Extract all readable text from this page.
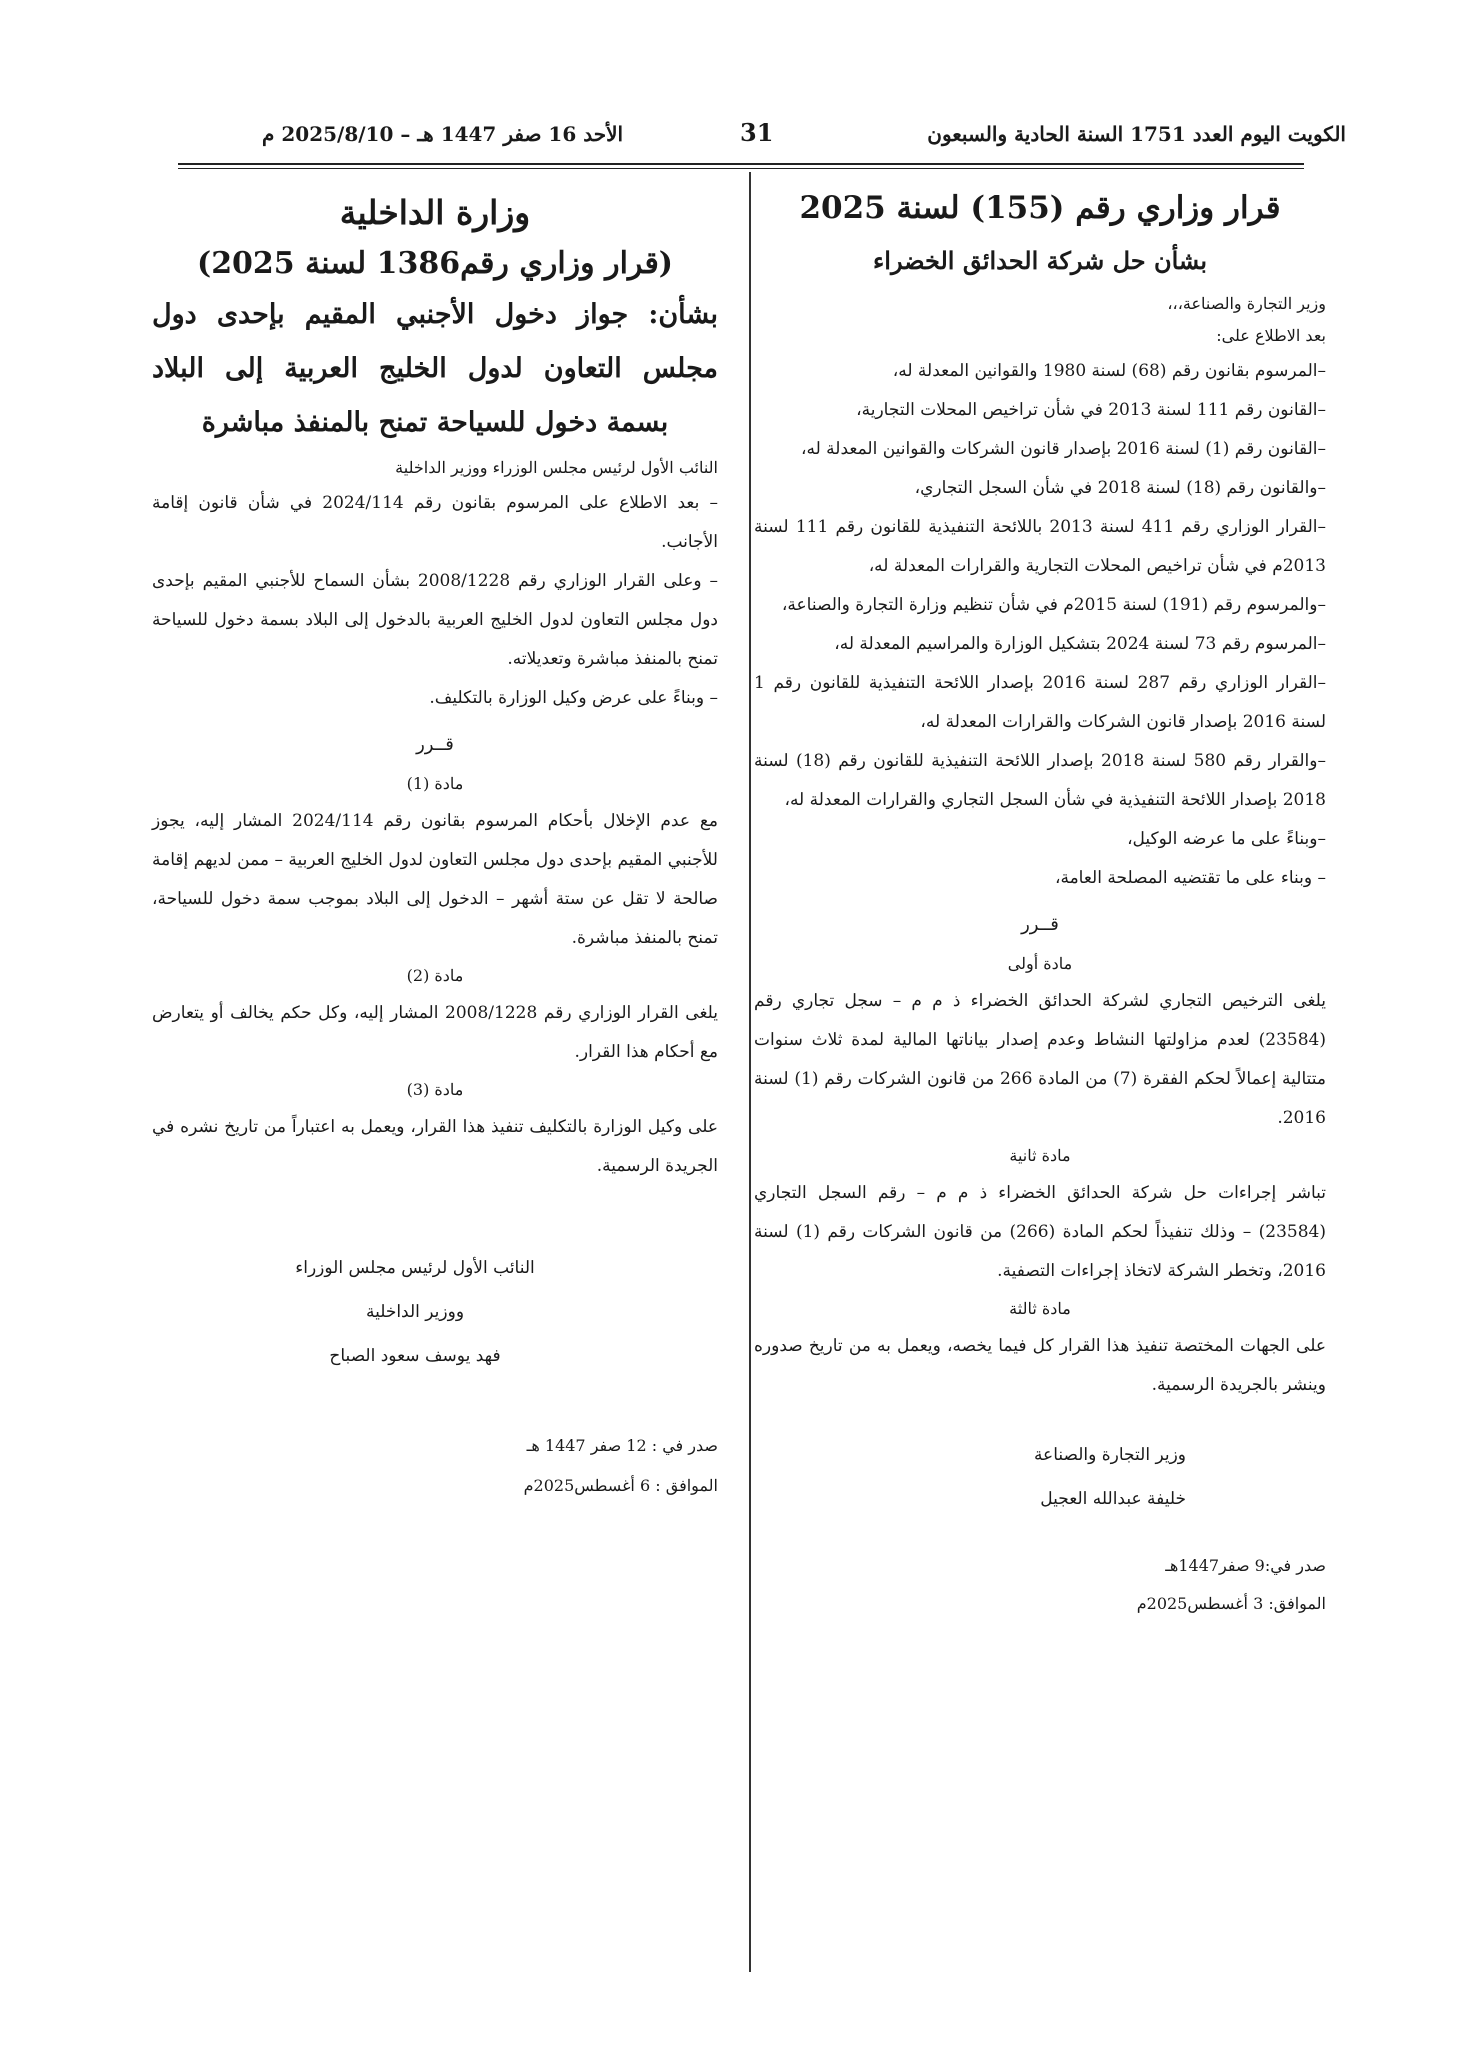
الكويت اليوم العدد 1751 السنة الحادية والسبعون
31
الأحد 16 صفر 1447 هـ – 2025/8/10 م
قرار وزاري رقم (155) لسنة 2025
بشأن حل شركة الحدائق الخضراء

وزير التجارة والصناعة،،،

بعد الاطلاع على:

–المرسوم بقانون رقم (68) لسنة 1980 والقوانين المعدلة له،

–القانون رقم 111 لسنة 2013 في شأن تراخيص المحلات التجارية،

–القانون رقم (1) لسنة 2016 بإصدار قانون الشركات والقوانين المعدلة له،

–والقانون رقم (18) لسنة 2018 في شأن السجل التجاري،

–القرار الوزاري رقم 411 لسنة 2013 باللائحة التنفيذية للقانون رقم 111 لسنة 2013م في شأن تراخيص المحلات التجارية والقرارات المعدلة له،

–والمرسوم رقم (191) لسنة 2015م في شأن تنظيم وزارة التجارة والصناعة،

–المرسوم رقم 73 لسنة 2024 بتشكيل الوزارة والمراسيم المعدلة له،

–القرار الوزاري رقم 287 لسنة 2016 بإصدار اللائحة التنفيذية للقانون رقم 1 لسنة 2016 بإصدار قانون الشركات والقرارات المعدلة له،

–والقرار رقم 580 لسنة 2018 بإصدار اللائحة التنفيذية للقانون رقم (18) لسنة 2018 بإصدار اللائحة التنفيذية في شأن السجل التجاري والقرارات المعدلة له،

–وبناءً على ما عرضه الوكيل،

– وبناء على ما تقتضيه المصلحة العامة،

قــرر

مادة أولى

يلغى الترخيص التجاري لشركة الحدائق الخضراء ذ م م – سجل تجاري رقم (23584) لعدم مزاولتها النشاط وعدم إصدار بياناتها المالية لمدة ثلاث سنوات متتالية إعمالاً لحكم الفقرة (7) من المادة 266 من قانون الشركات رقم (1) لسنة 2016.

مادة ثانية

تباشر إجراءات حل شركة الحدائق الخضراء ذ م م – رقم السجل التجاري (23584) – وذلك تنفيذاً لحكم المادة (266) من قانون الشركات رقم (1) لسنة 2016، وتخطر الشركة لاتخاذ إجراءات التصفية.

مادة ثالثة

على الجهات المختصة تنفيذ هذا القرار كل فيما يخصه، ويعمل به من تاريخ صدوره وينشر بالجريدة الرسمية.

وزير التجارة والصناعة
خليفة عبدالله العجيل
صدر في:9 صفر1447هـ
الموافق: 3 أغسطس2025م
وزارة الداخلية
(قرار وزاري رقم1386 لسنة 2025)

بشأن: جواز دخول الأجنبي المقيم بإحدى دول مجلس التعاون لدول الخليج العربية إلى البلاد بسمة دخول للسياحة تمنح بالمنفذ مباشرة

النائب الأول لرئيس مجلس الوزراء ووزير الداخلية

– بعد الاطلاع على المرسوم بقانون رقم 2024/114 في شأن قانون إقامة الأجانب.

– وعلى القرار الوزاري رقم 2008/1228 بشأن السماح للأجنبي المقيم بإحدى دول مجلس التعاون لدول الخليج العربية بالدخول إلى البلاد بسمة دخول للسياحة تمنح بالمنفذ مباشرة وتعديلاته.

– وبناءً على عرض وكيل الوزارة بالتكليف.

قــرر

مادة (1)

مع عدم الإخلال بأحكام المرسوم بقانون رقم 2024/114 المشار إليه، يجوز للأجنبي المقيم بإحدى دول مجلس التعاون لدول الخليج العربية – ممن لديهم إقامة صالحة لا تقل عن ستة أشهر – الدخول إلى البلاد بموجب سمة دخول للسياحة، تمنح بالمنفذ مباشرة.

مادة (2)

يلغى القرار الوزاري رقم 2008/1228 المشار إليه، وكل حكم يخالف أو يتعارض مع أحكام هذا القرار.

مادة (3)

على وكيل الوزارة بالتكليف تنفيذ هذا القرار، ويعمل به اعتباراً من تاريخ نشره في الجريدة الرسمية.

النائب الأول لرئيس مجلس الوزراء
ووزير الداخلية
فهد يوسف سعود الصباح
صدر في : 12 صفر 1447 هـ
الموافق : 6 أغسطس2025م
